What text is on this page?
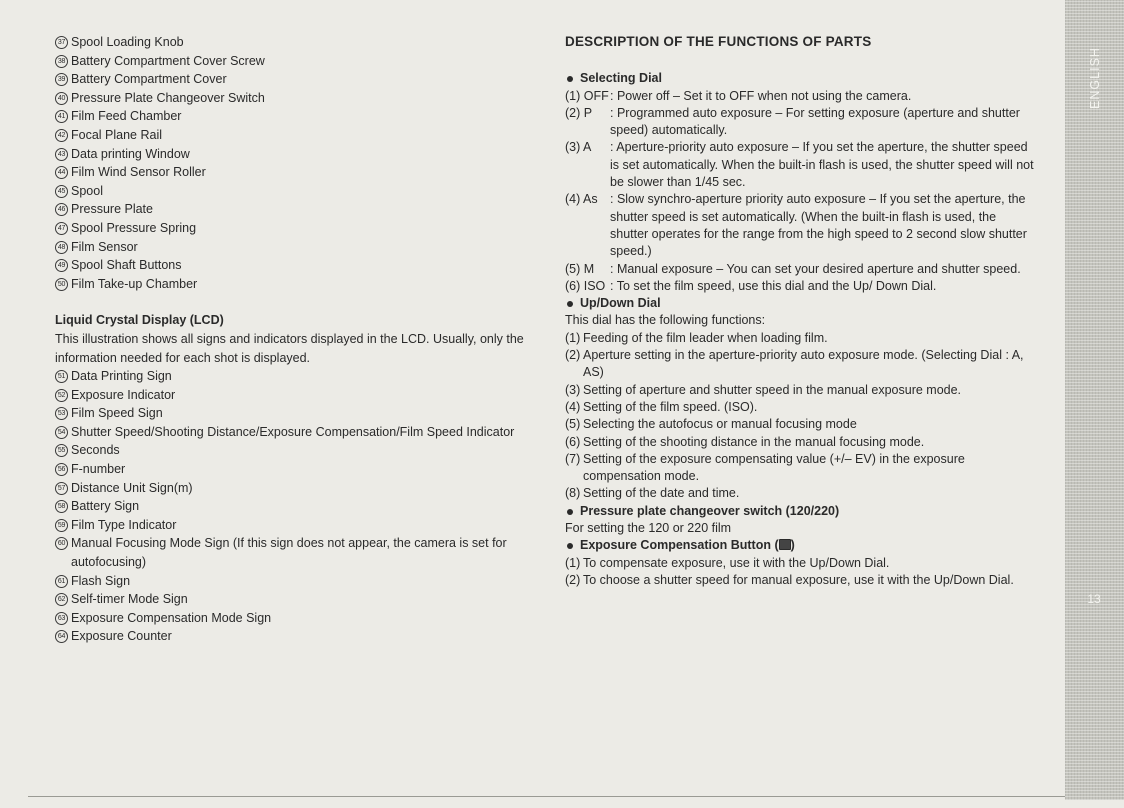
37 Spool Loading Knob
38 Battery Compartment Cover Screw
39 Battery Compartment Cover
40 Pressure Plate Changeover Switch
41 Film Feed Chamber
42 Focal Plane Rail
43 Data printing Window
44 Film Wind Sensor Roller
45 Spool
46 Pressure Plate
47 Spool Pressure Spring
48 Film Sensor
49 Spool Shaft Buttons
50 Film Take-up Chamber
Liquid Crystal Display (LCD)

This illustration shows all signs and indicators displayed in the LCD. Usually, only the information needed for each shot is displayed.

51 Data Printing Sign
52 Exposure Indicator
53 Film Speed Sign
54 Shutter Speed/Shooting Distance/Exposure Compensation/Film Speed Indicator
55 Seconds
56 F-number
57 Distance Unit Sign(m)
58 Battery Sign
59 Film Type Indicator
60 Manual Focusing Mode Sign (If this sign does not appear, the camera is set for autofocusing)
61 Flash Sign
62 Self-timer Mode Sign
63 Exposure Compensation Mode Sign
64 Exposure Counter
DESCRIPTION OF THE FUNCTIONS OF PARTS
Selecting Dial
(1) OFF : Power off – Set it to OFF when not using the camera.
(2) P	: Programmed auto exposure – For setting exposure (aperture and shutter speed) automatically.
(3) A	: Aperture-priority auto exposure – If you set the aperture, the shutter speed is set automatically. When the built-in flash is used, the shutter speed will not be slower than 1/45 sec.
(4) As : Slow synchro-aperture priority auto exposure – If you set the aperture, the shutter speed is set automatically. (When the built-in flash is used, the shutter operates for the range from the high speed to 2 second slow shutter speed.)
(5) M	: Manual exposure – You can set your desired aperture and shutter speed.
(6) ISO : To set the film speed, use this dial and the Up/ Down Dial.
Up/Down Dial

This dial has the following functions:

(1) Feeding of the film leader when loading film.
(2) Aperture setting in the aperture-priority auto exposure mode. (Selecting Dial : A, AS)
(3) Setting of aperture and shutter speed in the manual exposure mode.
(4) Setting of the film speed. (ISO).
(5) Selecting the autofocus or manual focusing mode
(6) Setting of the shooting distance in the manual focusing mode.
(7) Setting of the exposure compensating value (+/– EV) in the exposure compensation mode.
(8) Setting of the date and time.
Pressure plate changeover switch (120/220)

For setting the 120 or 220 film

Exposure Compensation Button ( )
(1) To compensate exposure, use it with the Up/Down Dial.
(2) To choose a shutter speed for manual exposure, use it with the Up/Down Dial.
ENGLISH
13
